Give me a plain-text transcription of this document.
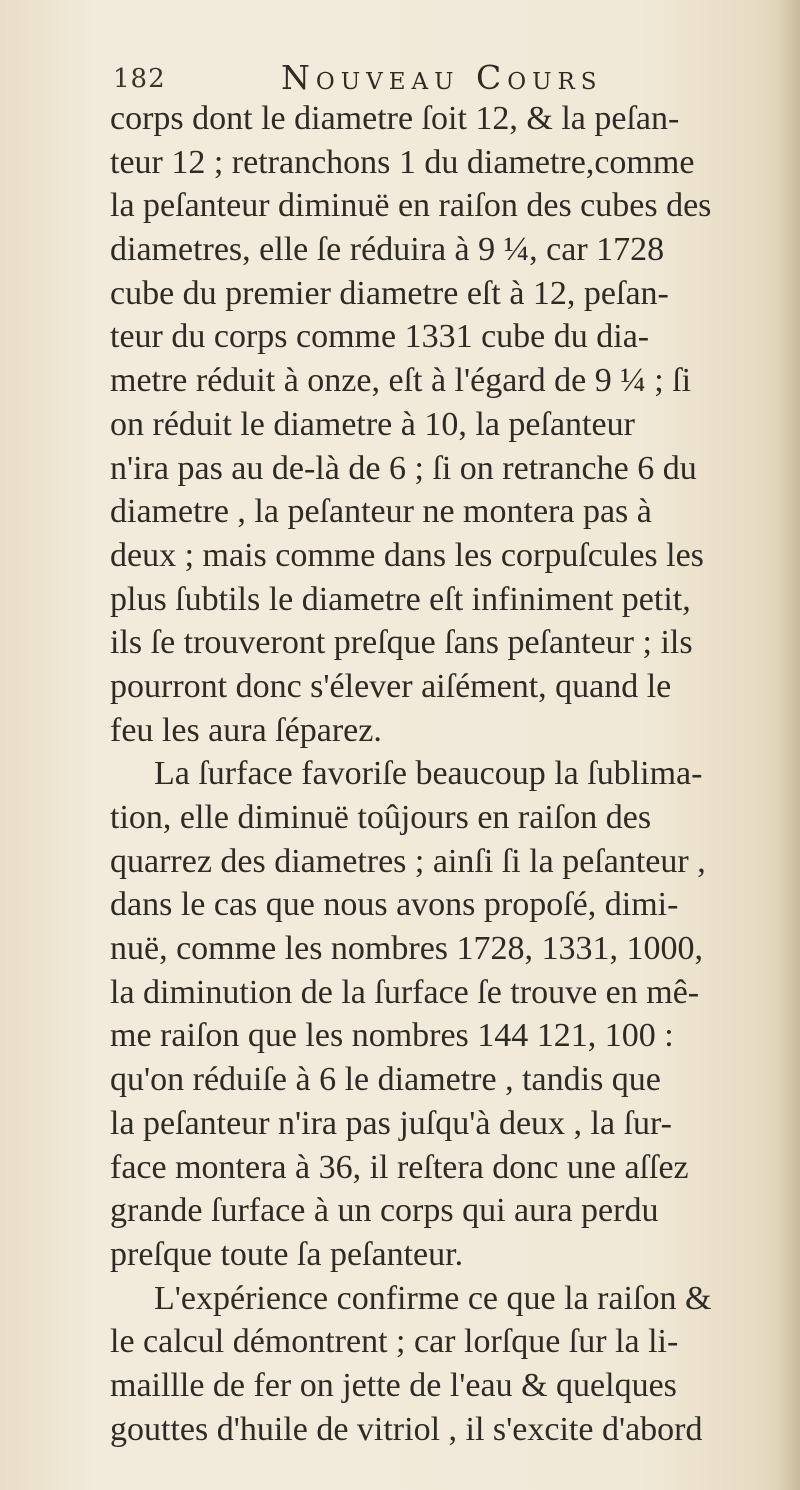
182	Nouveau Cours
corps dont le diametre ſoit 12, & la peſan-
teur 12 ; retranchons 1 du diametre,comme
la peſanteur diminuë en raiſon des cubes des
diametres, elle ſe réduira à 9 ¼, car 1728
cube du premier diametre eſt à 12, peſan-
teur du corps comme 1331 cube du dia-
metre réduit à onze, eſt à l'égard de 9 ¼ ; ſi
on réduit le diametre à 10, la peſanteur
n'ira pas au de-là de 6 ; ſi on retranche 6 du
diametre , la peſanteur ne montera pas à
deux ; mais comme dans les corpuſcules les
plus ſubtils le diametre eſt infiniment petit,
ils ſe trouveront preſque ſans peſanteur ; ils
pourront donc s'élever aiſément, quand le
feu les aura ſéparez.
La ſurface favoriſe beaucoup la ſublima-
tion, elle diminuë toûjours en raiſon des
quarrez des diametres ; ainſi ſi la peſanteur ,
dans le cas que nous avons propoſé, dimi-
nuë, comme les nombres 1728, 1331, 1000,
la diminution de la ſurface ſe trouve en mê-
me raiſon que les nombres 144 121, 100 :
qu'on réduiſe à 6 le diametre , tandis que
la peſanteur n'ira pas juſqu'à deux , la ſur-
face montera à 36, il reſtera donc une aſſez
grande ſurface à un corps qui aura perdu
preſque toute ſa peſanteur.
L'expérience confirme ce que la raiſon &
le calcul démontrent ; car lorſque ſur la li-
maillle de fer on jette de l'eau & quelques
gouttes d'huile de vitriol , il s'excite d'abord
